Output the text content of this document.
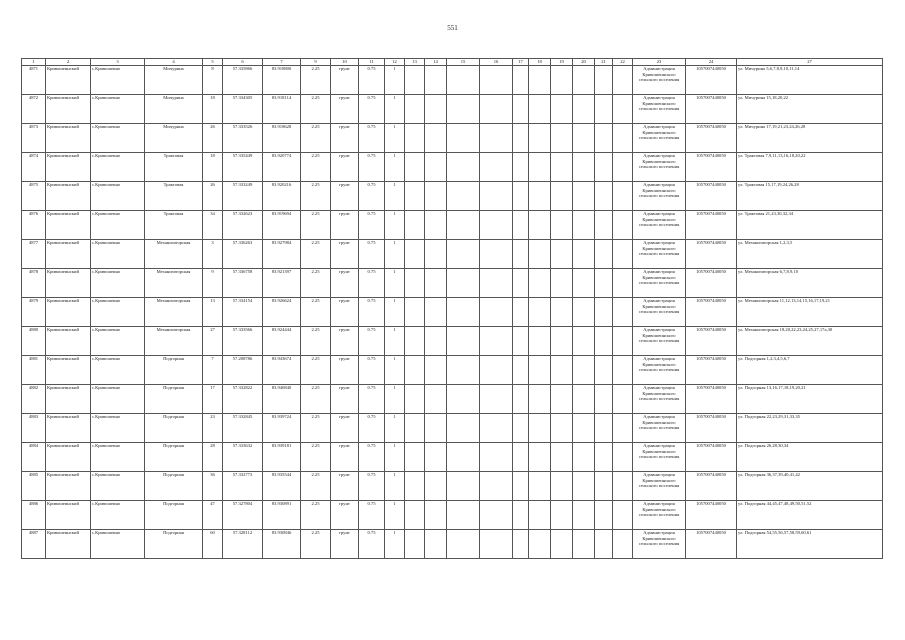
551
1	2	3	4	5	6	7	9	10	11	12	13	14	15	16	17	18	19	20	21	22	23	24	27
4871	Кривошеинский	с.Кривошеино	Мичурина	8	57.335866	83.918800	2.25	грунт	0.75	1											Администрация Кривошеинского сельского поселения	1057007440050	ул. Мичурина 5,6,7,8,9,10,11,14
4872	Кривошеинский	с.Кривошеино	Мичурина	18	57.334305	83.918114	2.25	грунт	0.75	1											Администрация Кривошеинского сельского поселения	1057007440050	ул. Мичурина 15,18,20,22
4873	Кривошеинский	с.Кривошеино	Мичурина	26	57.333526	83.918628	2.25	грунт	0.75	1											Администрация Кривошеинского сельского поселения	1057007440050	ул. Мичурина 17,19,21,23,24,26,28
4874	Кривошеинский	с.Кривошеино	Трактовая	18	57.335449	83.920774	2.25	грунт	0.75	1											Администрация Кривошеинского сельского поселения	1057007440050	ул. Трактовая 7,9,11,13,16,18,20,22
4875	Кривошеинский	с.Кривошеино	Трактовая	26	57.333249	83.920216	2.25	грунт	0.75	1											Администрация Кривошеинского сельского поселения	1057007440050	ул. Трактовая 15,17,19,24,26,28
4876	Кривошеинский	с.Кривошеино	Трактовая	34	57.332623	83.919694	2.25	грунт	0.75	1											Администрация Кривошеинского сельского поселения	1057007440050	ул. Трактовая 21,23,30,32,34
4877	Кривошеинский	с.Кривошеино	Механизаторская	3	57.336263	83.927984	2.25	грунт	0.75	1											Администрация Кривошеинского сельского поселения	1057007440050	ул. Механизаторская 1,2,3,5
4878	Кривошеинский	с.Кривошеино	Механизаторская	9	57.336758	83.921397	2.25	грунт	0.75	1											Администрация Кривошеинского сельского поселения	1057007440050	ул. Механизаторская 6,7,8,9,10
4879	Кривошеинский	с.Кривошеино	Механизаторская	13	57.334154	83.926624	2.25	грунт	0.75	1											Администрация Кривошеинского сельского поселения	1057007440050	ул. Механизаторская 11,12,13,14,15,16,17,19,21
4880	Кривошеинский	с.Кривошеино	Механизаторская	27	57.333566	83.924444	2.25	грунт	0.75	1											Администрация Кривошеинского сельского поселения	1057007440050	ул. Механизаторская 18,20,22,23,24,25,27,17а,30
4881	Кривошеинский	с.Кривошеино	Подгорная	7	57.208786	83.943674	2.25	грунт	0.75	1											Администрация Кривошеинского сельского поселения	1057007440050	ул. Подгорная 1,2,3,4,5,6,7
4882	Кривошеинский	с.Кривошеино	Подгорная	17	57.332822	83.940840	2.25	грунт	0.75	1											Администрация Кривошеинского сельского поселения	1057007440050	ул. Подгорная 13,16,17,18,19,20,21
4883	Кривошеинский	с.Кривошеино	Подгорная	23	57.332845	83.939724	2.25	грунт	0.75	1											Администрация Кривошеинского сельского поселения	1057007440050	ул. Подгорная 22,23,29,31,33,35
4884	Кривошеинский	с.Кривошеино	Подгорная	28	57.333632	83.939181	2.25	грунт	0.75	1											Администрация Кривошеинского сельского поселения	1057007440050	ул. Подгорная 26,28,30,34
4885	Кривошеинский	с.Кривошеино	Подгорная	36	57.332773	83.935544	2.25	грунт	0.75	1											Администрация Кривошеинского сельского поселения	1057007440050	ул. Подгорная 36,37,39,40,41,42
4886	Кривошеинский	с.Кривошеино	Подгорная	47	57.327804	83.930891	2.25	грунт	0.75	1											Администрация Кривошеинского сельского поселения	1057007440050	ул. Подгорная 44,45,47,48,49,50,51,52
4887	Кривошеинский	с.Кривошеино	Подгорная	60	57.328112	83.930846	2.25	грунт	0.75	1											Администрация Кривошеинского сельского поселения	1057007440050	ул. Подгорная 54,55,56,57,58,59,60,61
